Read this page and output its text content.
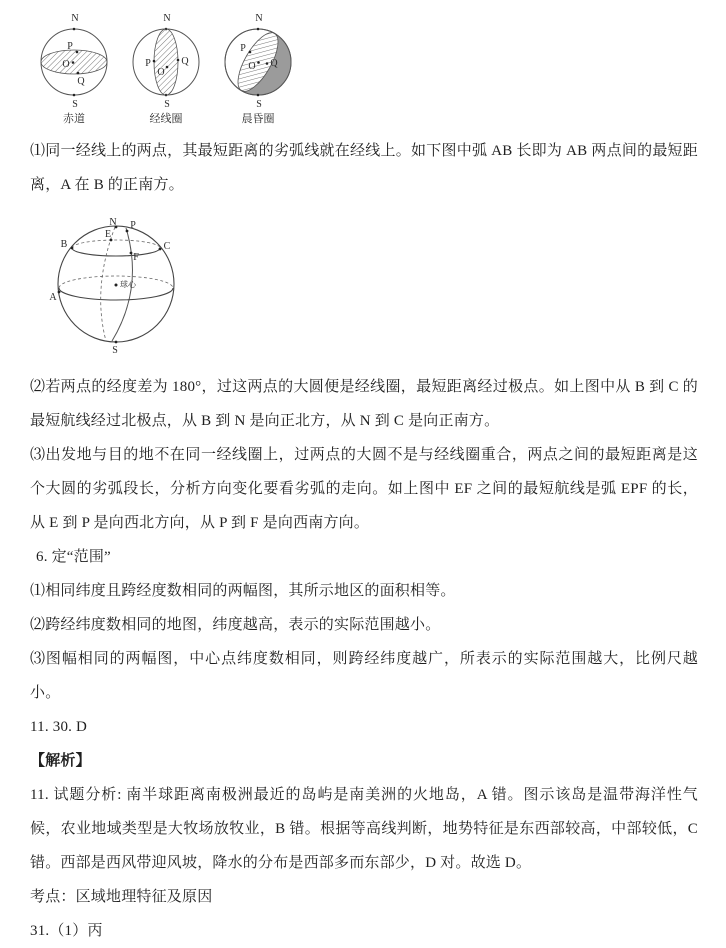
N
P
O
Q
S
赤道
N
P	Q
O
S
经线圈
N
P
O Q
S
晨昏圈

⑴同一经线上的两点，其最短距离的劣弧线就在经线上。如下图中弧 AB 长即为 AB 两点间的最短距离，A 在 B 的正南方。

N P
E
B	C
F
A
球心
S

⑵若两点的经度差为 180°，过这两点的大圆便是经线圈，最短距离经过极点。如上图中从 B 到 C 的最短航线经过北极点，从 B 到 N 是向正北方，从 N 到 C 是向正南方。

⑶出发地与目的地不在同一经线圈上，过两点的大圆不是与经线圈重合，两点之间的最短距离是这个大圆的劣弧段长，分析方向变化要看劣弧的走向。如上图中 EF 之间的最短航线是弧 EPF 的长，从 E 到 P 是向西北方向，从 P 到 F 是向西南方向。

6. 定“范围”

⑴相同纬度且跨经度数相同的两幅图，其所示地区的面积相等。

⑵跨经纬度数相同的地图，纬度越高，表示的实际范围越小。

⑶图幅相同的两幅图，中心点纬度数相同，则跨经纬度越广，所表示的实际范围越大，比例尺越小。

11. 30. D

【解析】

11. 试题分析: 南半球距离南极洲最近的岛屿是南美洲的火地岛，A 错。图示该岛是温带海洋性气候，农业地域类型是大牧场放牧业，B 错。根据等高线判断，地势特征是东西部较高，中部较低，C 错。西部是西风带迎风坡，降水的分布是西部多而东部少，D 对。故选 D。

考点：区域地理特征及原因

31.（1）丙
